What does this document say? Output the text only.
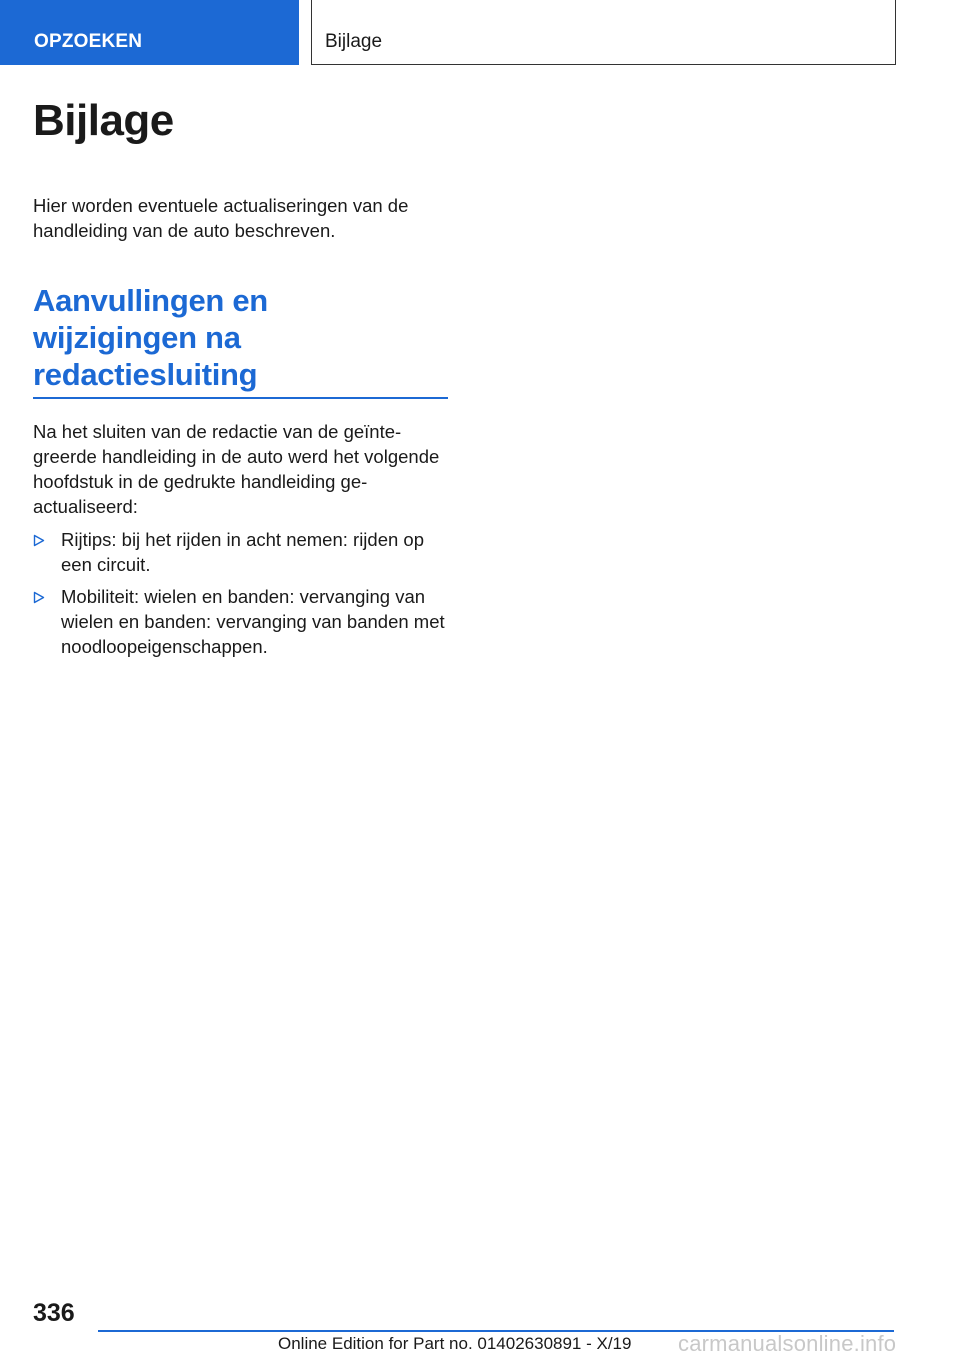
OPZOEKEN	Bijlage
Bijlage

Hier worden eventuele actualiseringen van de handleiding van de auto beschreven.

Aanvullingen en wijzigingen na redactiesluiting

Na het sluiten van de redactie van de geïntegreerde handleiding in de auto werd het volgende hoofdstuk in de gedrukte handleiding geactualiseerd:

Rijtips: bij het rijden in acht nemen: rijden op een circuit.
Mobiliteit: wielen en banden: vervanging van wielen en banden: vervanging van banden met noodloopeigenschappen.
336
Online Edition for Part no. 01402630891 - X/19 carmanualsonline.info
